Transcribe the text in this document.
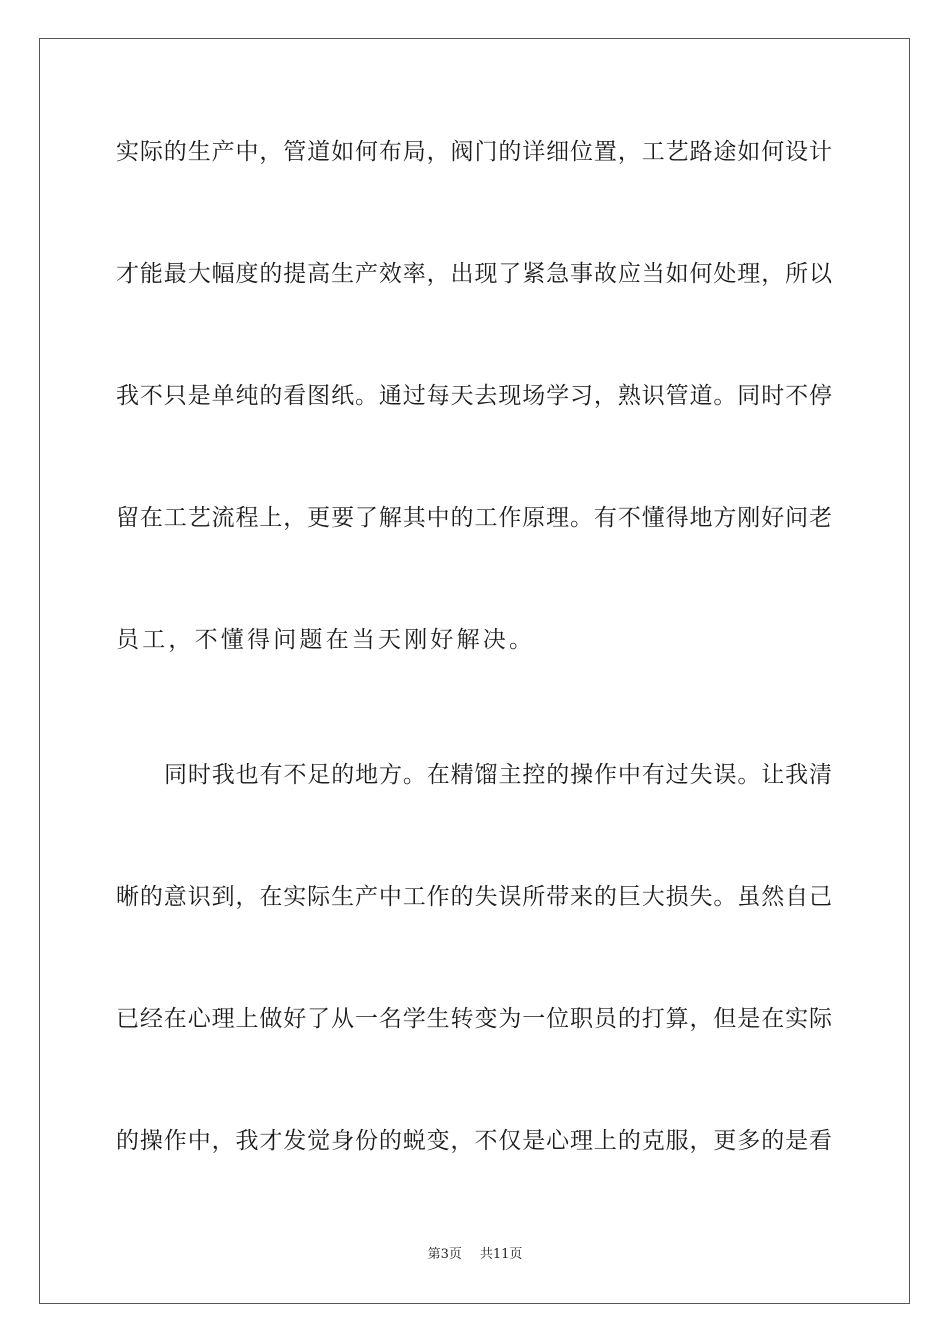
实际的生产中，管道如何布局，阀门的详细位置，工艺路途如何设计
才能最大幅度的提高生产效率，出现了紧急事故应当如何处理，所以
我不只是单纯的看图纸。通过每天去现场学习，熟识管道。同时不停
留在工艺流程上，更要了解其中的工作原理。有不懂得地方刚好问老
员工，不懂得问题在当天刚好解决。
同时我也有不足的地方。在精馏主控的操作中有过失误。让我清
晰的意识到，在实际生产中工作的失误所带来的巨大损失。虽然自己
已经在心理上做好了从一名学生转变为一位职员的打算，但是在实际
的操作中，我才发觉身份的蜕变，不仅是心理上的克服，更多的是看
第3页 共11页
